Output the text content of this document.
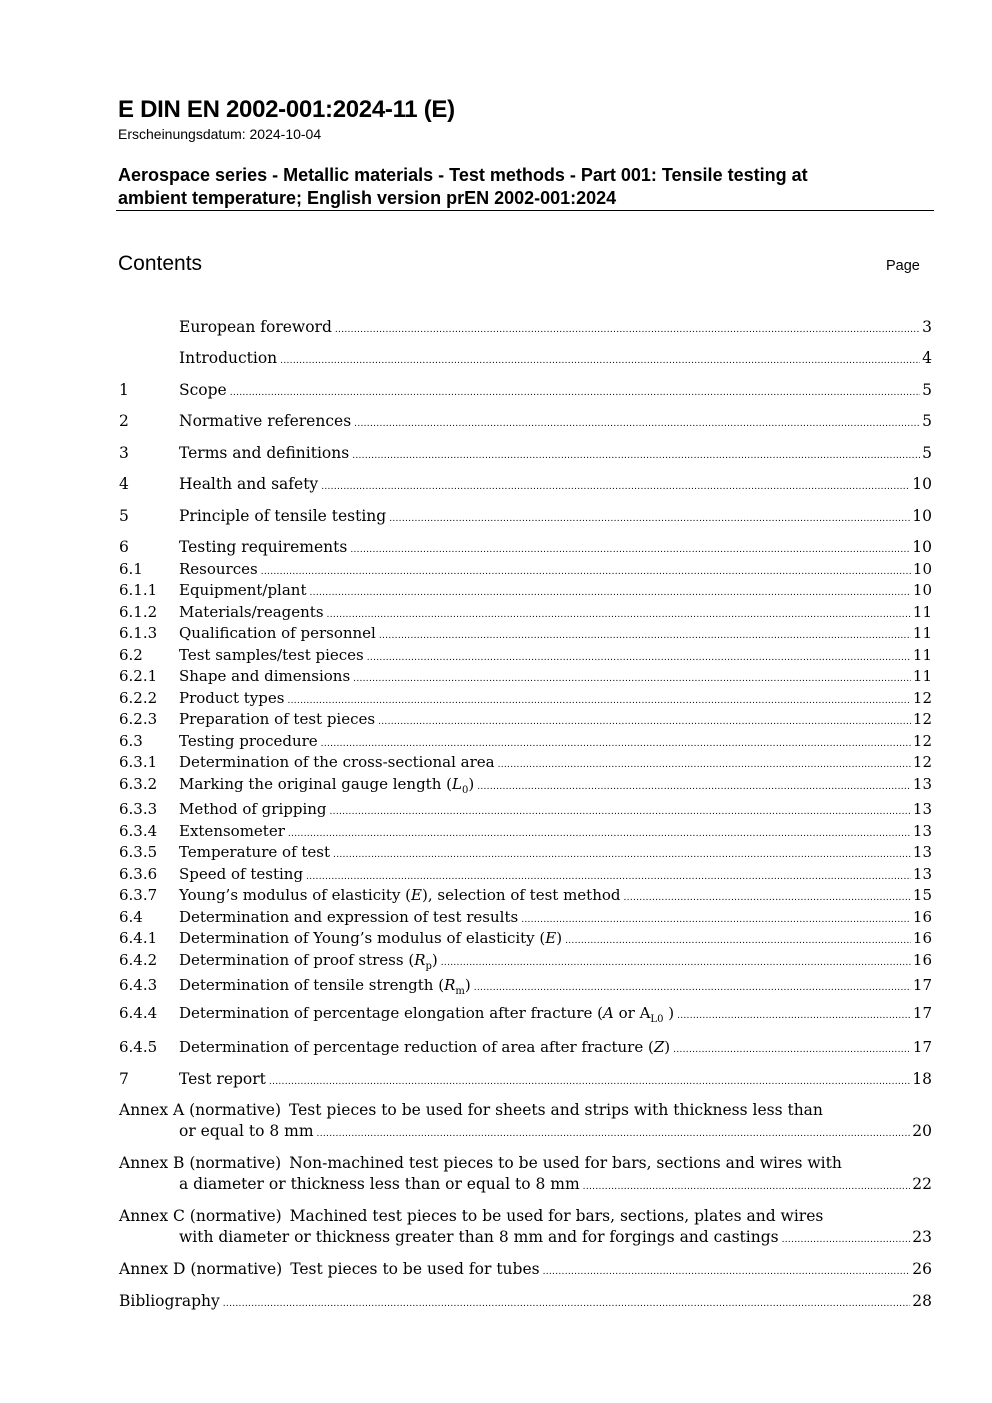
E DIN EN 2002-001:2024-11 (E)
Erscheinungsdatum: 2024-10-04
Aerospace series - Metallic materials - Test methods - Part 001: Tensile testing at
ambient temperature; English version prEN 2002-001:2024
Contents	Page
European foreword .....	3
Introduction .....	4
1	Scope .....	5
2	Normative references .....	5
3	Terms and definitions .....	5
4	Health and safety .....	10
5	Principle of tensile testing .....	10
6	Testing requirements .....	10
6.1	Resources .....	10
6.1.1	Equipment/plant .....	10
6.1.2	Materials/reagents .....	11
6.1.3	Qualification of personnel .....	11
6.2	Test samples/test pieces .....	11
6.2.1	Shape and dimensions .....	11
6.2.2	Product types .....	12
6.2.3	Preparation of test pieces .....	12
6.3	Testing procedure .....	12
6.3.1	Determination of the cross-sectional area .....	12
6.3.2	Marking the original gauge length $(L_0)$ .....	13
6.3.3	Method of gripping .....	13
6.3.4	Extensometer .....	13
6.3.5	Temperature of test .....	13
6.3.6	Speed of testing .....	13
6.3.7	Young’s modulus of elasticity (E), selection of test method .....	15
6.4	Determination and expression of test results .....	16
6.4.1	Determination of Young’s modulus of elasticity (E) .....	16
6.4.2	Determination of proof stress $(R_p)$ .....	16
6.4.3	Determination of tensile strength $(R_m)$ .....	17
6.4.4	Determination of percentage elongation after fracture (A or $A_{L0}$ ) .....	17
6.4.5	Determination of percentage reduction of area after fracture (Z) .....	17
7	Test report .....	18
Annex A (normative) Test pieces to be used for sheets and strips with thickness less than
or equal to 8 mm .....	20
Annex B (normative) Non-machined test pieces to be used for bars, sections and wires with
a diameter or thickness less than or equal to 8 mm .....	22
Annex C (normative) Machined test pieces to be used for bars, sections, plates and wires
with diameter or thickness greater than 8 mm and for forgings and castings .....	23
Annex D (normative) Test pieces to be used for tubes .....	26
Bibliography .....	28
